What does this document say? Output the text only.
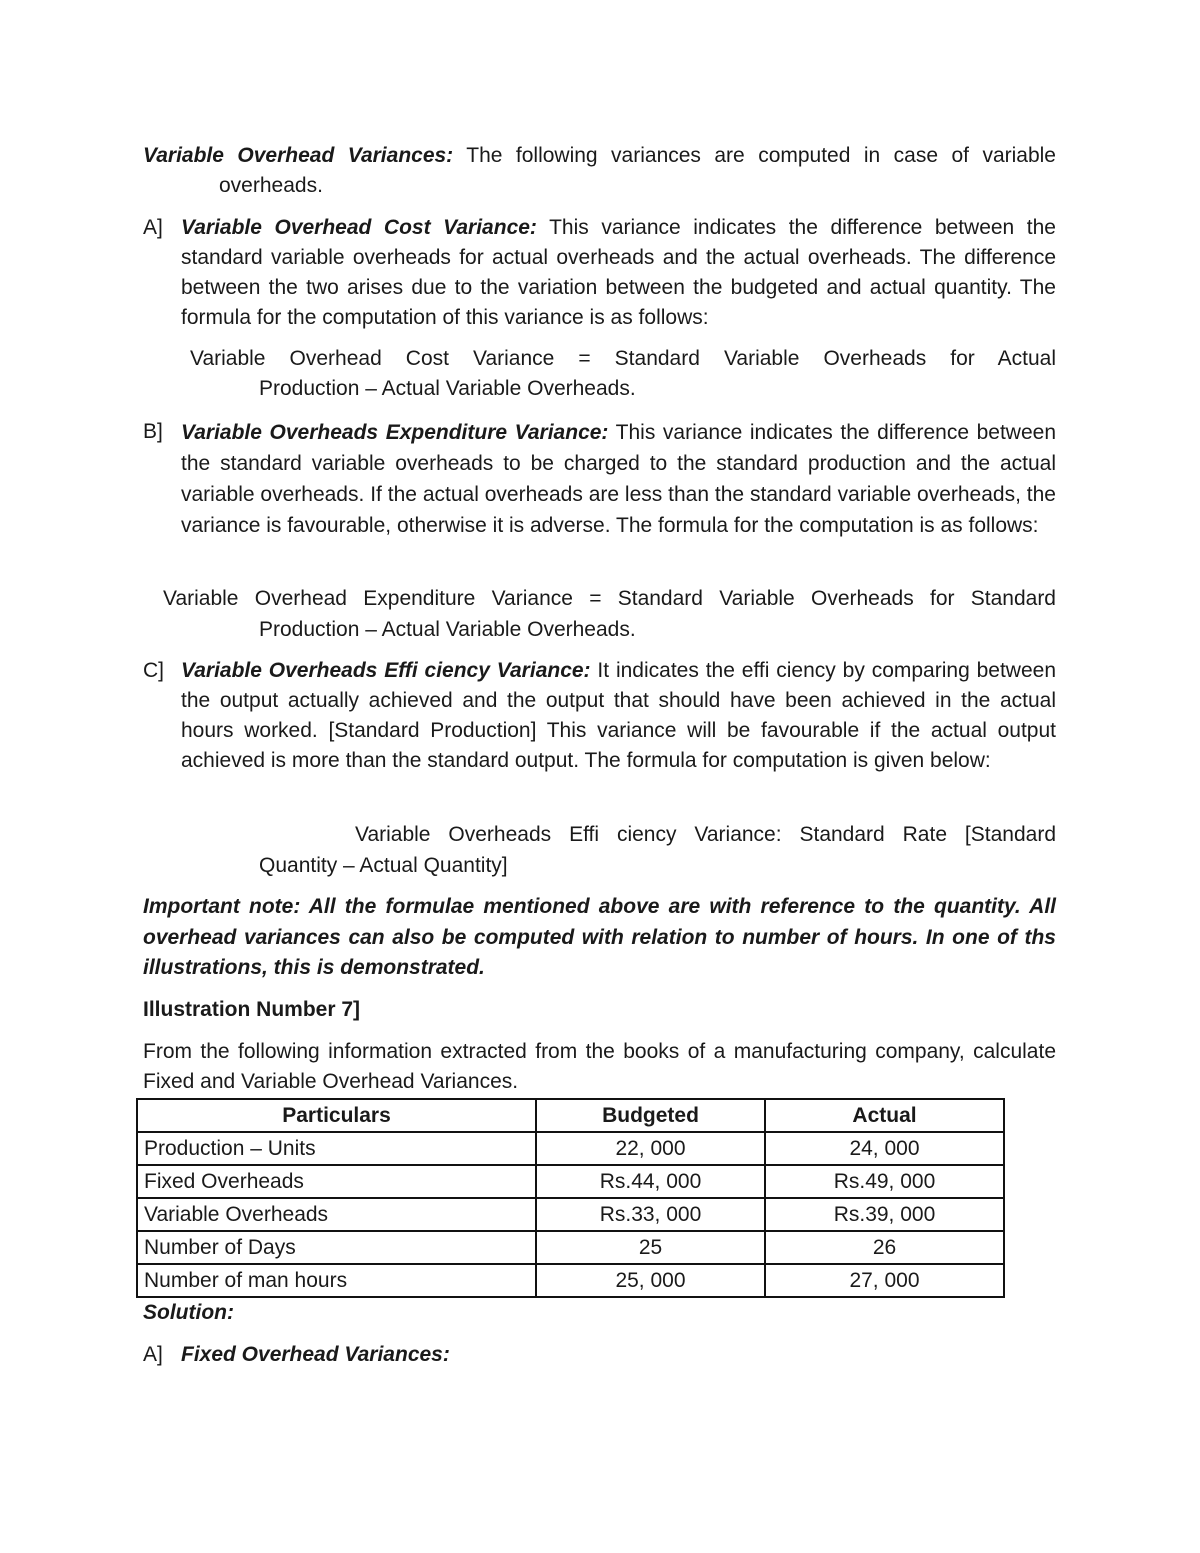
Variable Overhead Variances: The following variances are computed in case of variable overheads.
A] Variable Overhead Cost Variance: This variance indicates the difference between the standard variable overheads for actual overheads and the actual overheads. The difference between the two arises due to the variation between the budgeted and actual quantity. The formula for the computation of this variance is as follows:
Variable Overhead Cost Variance = Standard Variable Overheads for Actual
Production – Actual Variable Overheads.
B] Variable Overheads Expenditure Variance: This variance indicates the difference between the standard variable overheads to be charged to the standard production and the actual variable overheads. If the actual overheads are less than the standard variable overheads, the variance is favourable, otherwise it is adverse. The formula for the computation is as follows:
Variable Overhead Expenditure Variance = Standard Variable Overheads for Standard
Production – Actual Variable Overheads.
C] Variable Overheads Effi ciency Variance: It indicates the effi ciency by comparing between the output actually achieved and the output that should have been achieved in the actual hours worked. [Standard Production] This variance will be favourable if the actual output achieved is more than the standard output. The formula for computation is given below:
Variable Overheads Effi ciency Variance: Standard Rate [Standard
Quantity – Actual Quantity]
Important note: All the formulae mentioned above are with reference to the quantity. All overhead variances can also be computed with relation to number of hours. In one of ths illustrations, this is demonstrated.
Illustration Number 7]
From the following information extracted from the books of a manufacturing company, calculate Fixed and Variable Overhead Variances.
Particulars	Budgeted	Actual
Production – Units	22, 000	24, 000
Fixed Overheads	Rs.44, 000	Rs.49, 000
Variable Overheads	Rs.33, 000	Rs.39, 000
Number of Days	25	26
Number of man hours	25, 000	27, 000
Solution:
A] Fixed Overhead Variances:
